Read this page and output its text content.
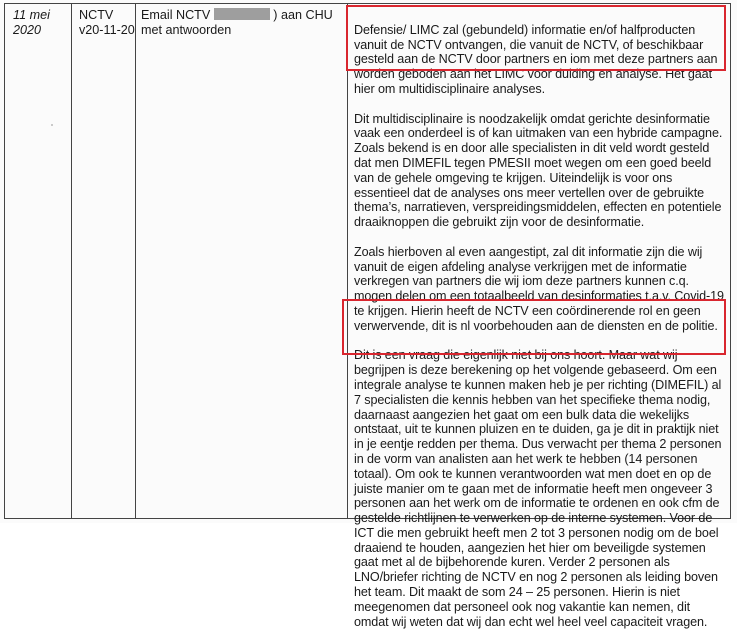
11 mei 2020
NCTV
v20-11-20
Email NCTV	) aan CHU met antwoorden	Defensie/ LIMC zal (gebundeld) informatie en/of halfproducten vanuit de NCTV ontvangen, die vanuit de NCTV, of beschikbaar gesteld aan de NCTV door partners en iom met deze partners aan worden geboden aan het LIMC voor duiding en analyse. Het gaat hier om multidisciplinaire analyses.

Dit multidisciplinaire is noodzakelijk omdat gerichte desinformatie vaak een onderdeel is of kan uitmaken van een hybride campagne. Zoals bekend is en door alle specialisten in dit veld wordt gesteld dat men DIMEFIL tegen PMESII moet wegen om een goed beeld van de gehele omgeving te krijgen. Uiteindelijk is voor ons essentieel dat de analyses ons meer vertellen over de gebruikte thema’s, narratieven, verspreidingsmiddelen, effecten en potentiele draaiknoppen die gebruikt zijn voor de desinformatie.

Zoals hierboven al even aangestipt, zal dit informatie zijn die wij vanuit de eigen afdeling analyse verkrijgen met de informatie verkregen van partners die wij iom deze partners kunnen c.q. mogen delen om een totaalbeeld van desinformaties t.a.v. Covid-19 te krijgen. Hierin heeft de NCTV een coördinerende rol en geen verwervende, dit is nl voorbehouden aan de diensten en de politie.

Dit is een vraag die eigenlijk niet bij ons hoort. Maar wat wij begrijpen is deze berekening op het volgende gebaseerd. Om een integrale analyse te kunnen maken heb je per richting (DIMEFIL) al 7 specialisten die kennis hebben van het specifieke thema nodig, daarnaast aangezien het gaat om een bulk data die wekelijks ontstaat, uit te kunnen pluizen en te duiden, ga je dit in praktijk niet in je eentje redden per thema. Dus verwacht per thema 2 personen in de vorm van analisten aan het werk te hebben (14 personen totaal). Om ook te kunnen verantwoorden wat men doet en op de juiste manier om te gaan met de informatie heeft men ongeveer 3 personen aan het werk om de informatie te ordenen en ook cfm de gestelde richtlijnen te verwerken op de interne systemen. Voor de ICT die men gebruikt heeft men 2 tot 3 personen nodig om de boel draaiend te houden, aangezien het hier om beveiligde systemen gaat met al de bijbehorende kuren. Verder 2 personen als LNO/briefer richting de NCTV en nog 2 personen als leiding boven het team. Dit maakt de som 24 – 25 personen. Hierin is niet meegenomen dat personeel ook nog vakantie kan nemen, dit omdat wij weten dat wij dan echt wel heel veel capaciteit vragen.
